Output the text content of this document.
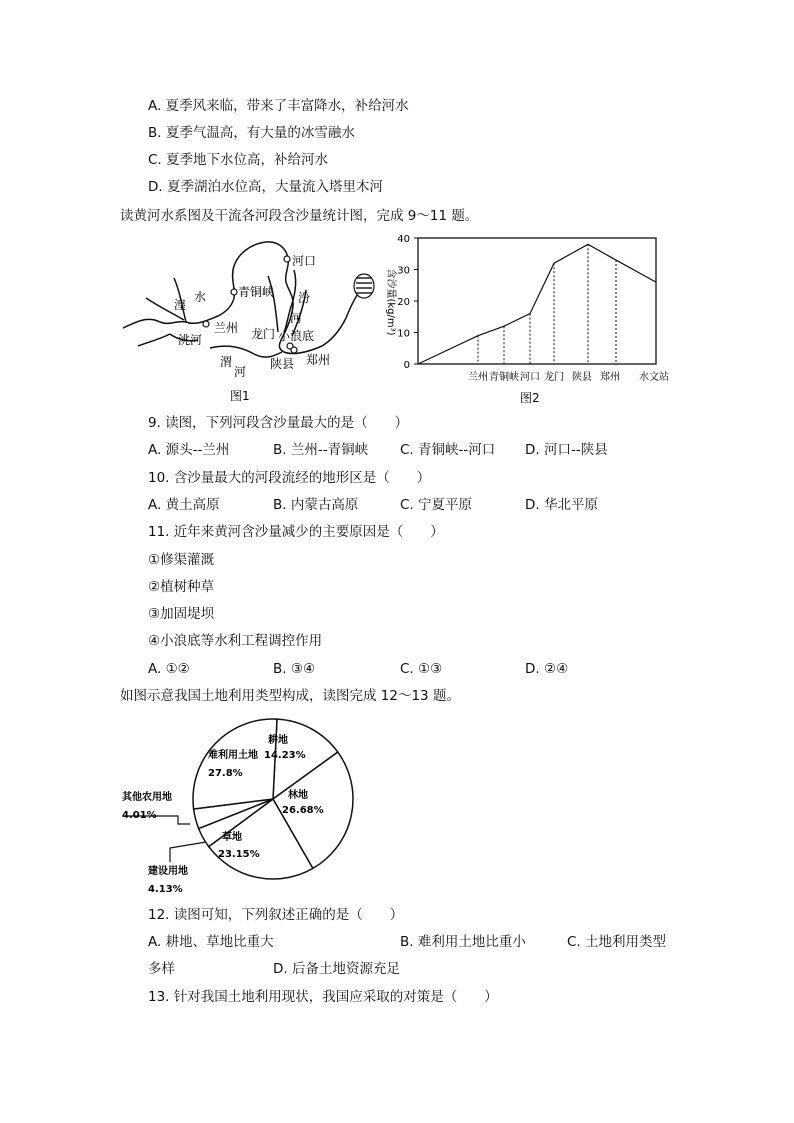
A. 夏季风来临，带来了丰富降水，补给河水
B. 夏季气温高，有大量的冰雪融水
C. 夏季地下水位高，补给河水
D. 夏季湖泊水位高，大量流入塔里木河
读黄河水系图及干流各河段含沙量统计图，完成 9～11 题。
河口
青铜峡
湟
水	汾
河
兰州
洮河	龙门 小浪底
渭
河
陕县 郑州
图1
含沙量(kg/m³)
0
10
20
30
40
兰州 青铜峡 河口 龙门 陕县 郑州 水文站
图2
9. 读图，下列河段含沙量最大的是（　　）
A. 源头--兰州	B. 兰州--青铜峡 C. 青铜峡--河口 D. 河口--陕县
10. 含沙量最大的河段流经的地形区是（　　）
A. 黄土高原	B. 内蒙古高原	C. 宁夏平原	D. 华北平原
11. 近年来黄河含沙量减少的主要原因是（　　）
①修渠灌溉
②植树种草
③加固堤坝
④小浪底等水利工程调控作用
A. ①②	B. ③④	C. ①③	D. ②④
如图示意我国土地利用类型构成，读图完成 12～13 题。
耕地
14.23%
林地
26.68%
草地
23.15%
建设用地
4.13%
其他农用地
4.01%
难利用土地
27.8%
12. 读图可知，下列叙述正确的是（　　）
A. 耕地、草地比重大	B. 难利用土地比重小	C. 土地利用类型
多样	D. 后备土地资源充足
13. 针对我国土地利用现状，我国应采取的对策是（　　）
